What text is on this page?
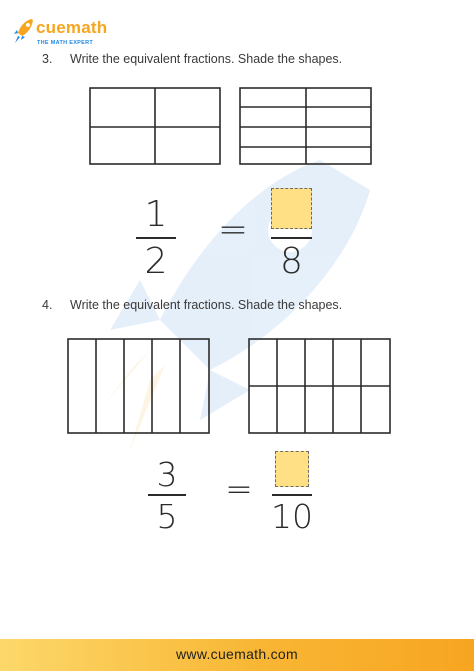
cuemath
THE MATH EXPERT
3. Write the equivalent fractions. Shade the shapes.
1
2
=
8
4. Write the equivalent fractions. Shade the shapes.
3
5
=
10
www.cuemath.com
